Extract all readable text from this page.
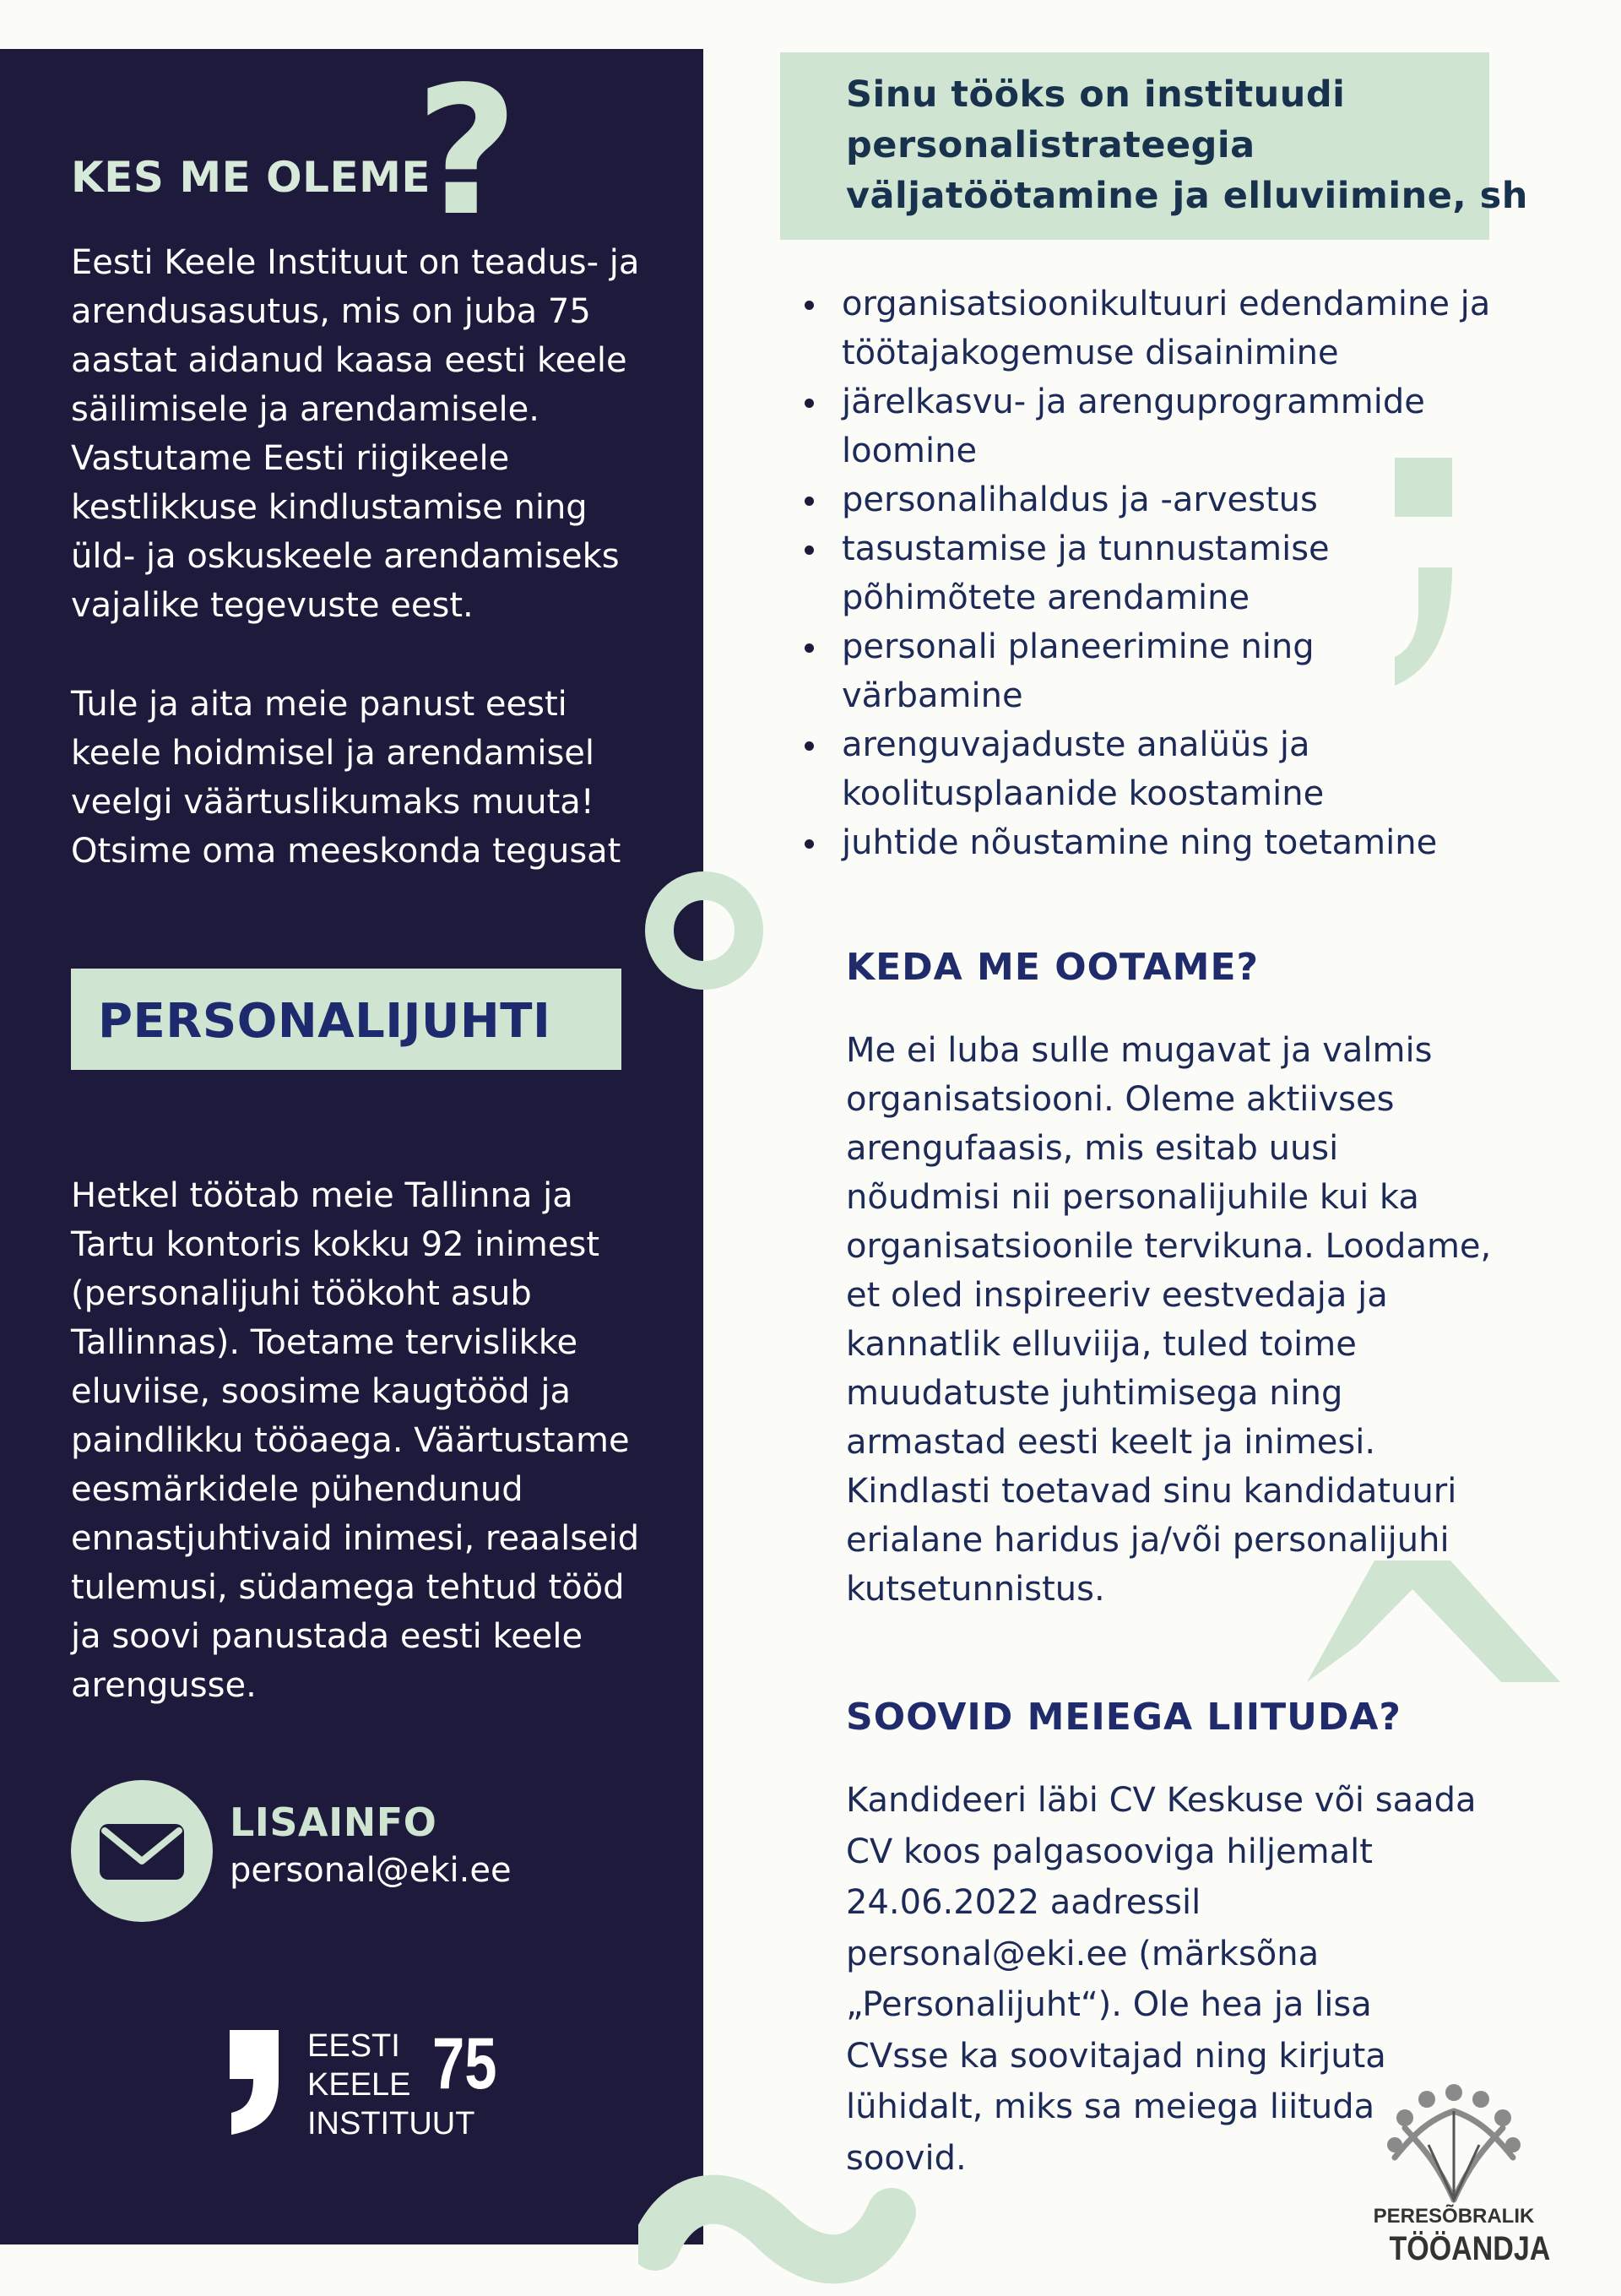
?
KES ME OLEME
Eesti Keele Instituut on teadus- ja
arendusasutus, mis on juba 75
aastat aidanud kaasa eesti keele
säilimisele ja arendamisele.
Vastutame Eesti riigikeele
kestlikkuse kindlustamise ning
üld- ja oskuskeele arendamiseks
vajalike tegevuste eest.
Tule ja aita meie panust eesti
keele hoidmisel ja arendamisel
veelgi väärtuslikumaks muuta!
Otsime oma meeskonda tegusat
PERSONALIJUHTI
Hetkel töötab meie Tallinna ja
Tartu kontoris kokku 92 inimest
(personalijuhi töökoht asub
Tallinnas). Toetame tervislikke
eluviise, soosime kaugtööd ja
paindlikku tööaega. Väärtustame
eesmärkidele pühendunud
ennastjuhtivaid inimesi, reaalseid
tulemusi, südamega tehtud tööd
ja soovi panustada eesti keele
arengusse.
LISAINFO
personal@eki.ee
EESTI
KEELE
INSTITUUT
75
Sinu tööks on instituudi
personalistrateegia
väljatöötamine ja elluviimine, sh
organisatsioonikultuuri edendamine ja
töötajakogemuse disainimine
järelkasvu- ja arenguprogrammide
loomine
personalihaldus ja -arvestus
tasustamise ja tunnustamise
põhimõtete arendamine
personali planeerimine ning
värbamine
arenguvajaduste analüüs ja
koolitusplaanide koostamine
juhtide nõustamine ning toetamine
KEDA ME OOTAME?
Me ei luba sulle mugavat ja valmis
organisatsiooni. Oleme aktiivses
arengufaasis, mis esitab uusi
nõudmisi nii personalijuhile kui ka
organisatsioonile tervikuna. Loodame,
et oled inspireeriv eestvedaja ja
kannatlik elluviija, tuled toime
muudatuste juhtimisega ning
armastad eesti keelt ja inimesi.
Kindlasti toetavad sinu kandidatuuri
erialane haridus ja/või personalijuhi
kutsetunnistus.
SOOVID MEIEGA LIITUDA?
Kandideeri läbi CV Keskuse või saada
CV koos palgasooviga hiljemalt
24.06.2022 aadressil
personal@eki.ee (märksõna
„Personalijuht“). Ole hea ja lisa
CVsse ka soovitajad ning kirjuta
lühidalt, miks sa meiega liituda
soovid.
PERESÕBRALIK
TÖÖANDJA
